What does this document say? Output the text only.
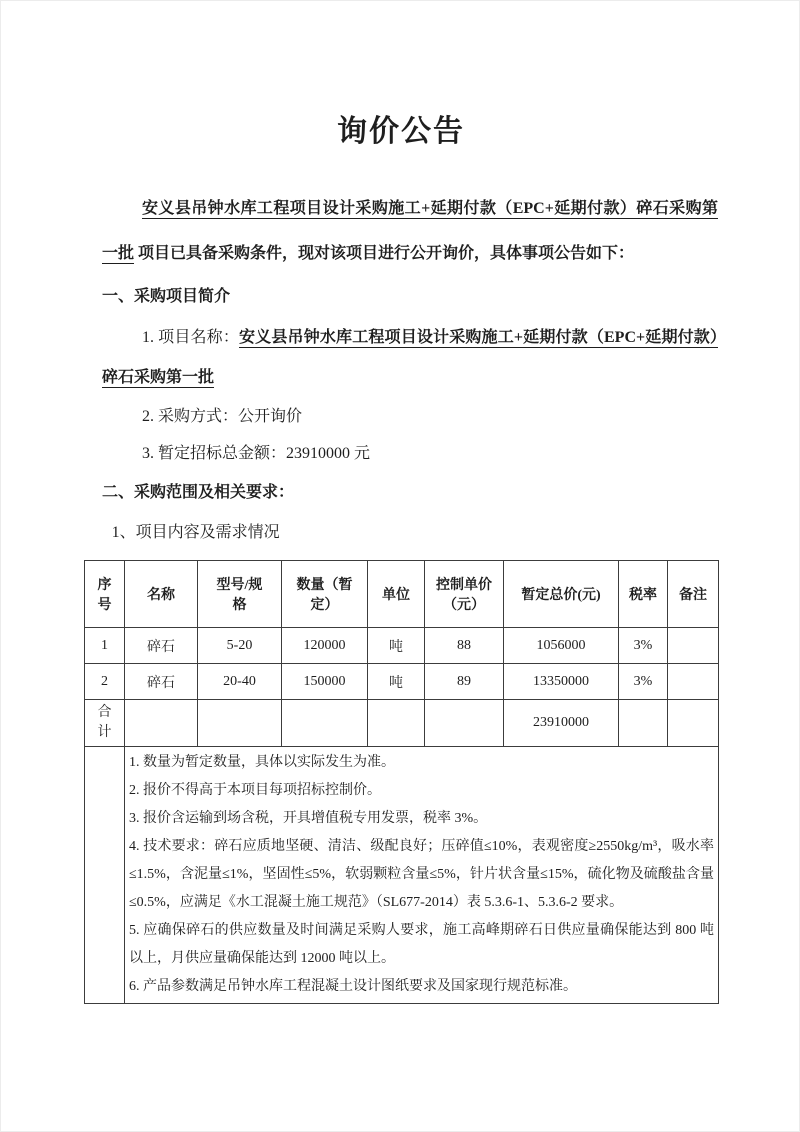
询价公告

安义县吊钟水库工程项目设计采购施工+延期付款（EPC+延期付款）碎石采购第一批 项目已具备采购条件，现对该项目进行公开询价，具体事项公告如下：

一、采购项目简介

1. 项目名称：安义县吊钟水库工程项目设计采购施工+延期付款（EPC+延期付款）碎石采购第一批

2. 采购方式：公开询价

3. 暂定招标总金额：23910000 元

二、采购范围及相关要求：

1、项目内容及需求情况

序号	名称	型号/规格	数量（暂定）	单位	控制单价（元）	暂定总价(元)	税率	备注
1	碎石	5-20	120000	吨	88	1056000	3%	
2	碎石	20-40	150000	吨	89	13350000	3%	
合计						23910000		

1. 数量为暂定数量，具体以实际发生为准。

2. 报价不得高于本项目每项招标控制价。

3. 报价含运输到场含税，开具增值税专用发票，税率 3%。

4. 技术要求：碎石应质地坚硬、清洁、级配良好；压碎值≤10%，表观密度≥2550kg/m³，吸水率≤1.5%，含泥量≤1%，坚固性≤5%，软弱颗粒含量≤5%，针片状含量≤15%，硫化物及硫酸盐含量≤0.5%，应满足《水工混凝土施工规范》（SL677-2014）表 5.3.6-1、5.3.6-2 要求。

5. 应确保碎石的供应数量及时间满足采购人要求，施工高峰期碎石日供应量确保能达到 800 吨以上，月供应量确保能达到 12000 吨以上。

6. 产品参数满足吊钟水库工程混凝土设计图纸要求及国家现行规范标准。
